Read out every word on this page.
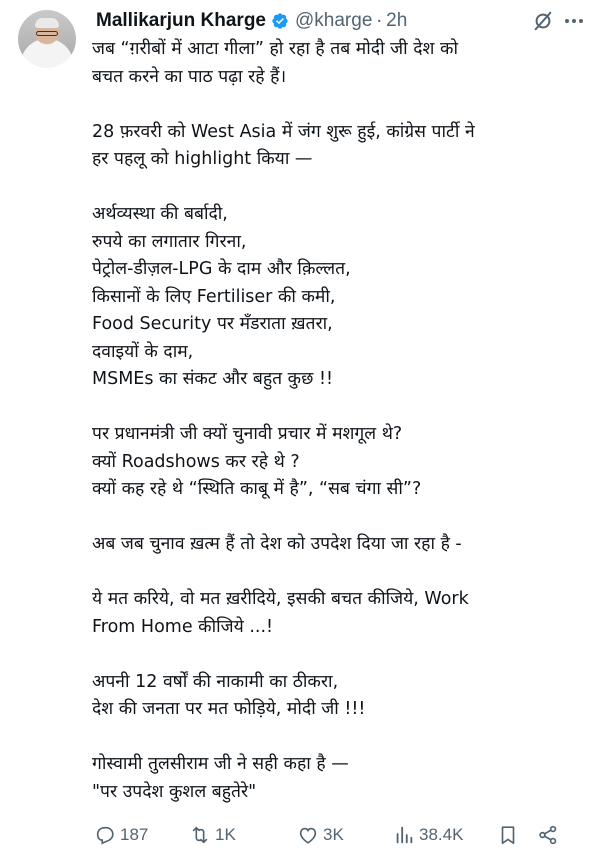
Mallikarjun Kharge @kharge · 2h

जब “ग़रीबों में आटा गीला” हो रहा है तब मोदी जी देश को

बचत करने का पाठ पढ़ा रहे हैं।

28 फ़रवरी को West Asia में जंग शुरू हुई, कांग्रेस पार्टी ने

हर पहलू को highlight किया —

अर्थव्यस्था की बर्बादी,

रुपये का लगातार गिरना,

पेट्रोल-डीज़ल-LPG के दाम और क़िल्लत,

किसानों के लिए Fertiliser की कमी,

Food Security पर मँडराता ख़तरा,

दवाइयों के दाम,

MSMEs का संकट और बहुत कुछ !!

पर प्रधानमंत्री जी क्यों चुनावी प्रचार में मशगूल थे?

क्यों Roadshows कर रहे थे ?

क्यों कह रहे थे “स्थिति काबू में है”, “सब चंगा सी”?

अब जब चुनाव ख़त्म हैं तो देश को उपदेश दिया जा रहा है -

ये मत करिये, वो मत ख़रीदिये, इसकी बचत कीजिये, Work

From Home कीजिये ...!

अपनी 12 वर्षों की नाकामी का ठीकरा,

देश की जनता पर मत फोड़िये, मोदी जी !!!

गोस्वामी तुलसीराम जी ने सही कहा है —

"पर उपदेश कुशल बहुतेरे"

187	1K	3K	38.4K
